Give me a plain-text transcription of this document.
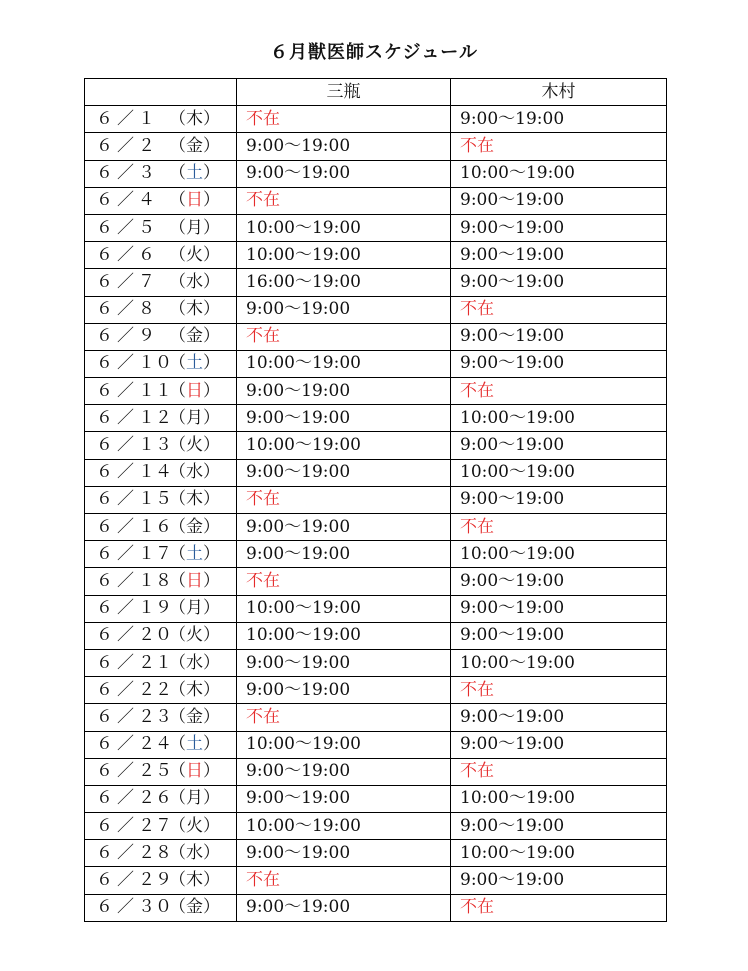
６月獣医師スケジュール
	三瓶	木村
６ ／ １ （木）	不在	9:00〜19:00
６ ／ ２ （金）	9:00〜19:00	不在
６ ／ ３ （土）	9:00〜19:00	10:00〜19:00
６ ／ ４ （日）	不在	9:00〜19:00
６ ／ ５ （月）	10:00〜19:00	9:00〜19:00
６ ／ ６ （火）	10:00〜19:00	9:00〜19:00
６ ／ ７ （水）	16:00〜19:00	9:00〜19:00
６ ／ ８ （木）	9:00〜19:00	不在
６ ／ ９ （金）	不在	9:00〜19:00
６ ／ １０（土）	10:00〜19:00	9:00〜19:00
６ ／ １１（日）	9:00〜19:00	不在
６ ／ １２（月）	9:00〜19:00	10:00〜19:00
６ ／ １３（火）	10:00〜19:00	9:00〜19:00
６ ／ １４（水）	9:00〜19:00	10:00〜19:00
６ ／ １５（木）	不在	9:00〜19:00
６ ／ １６（金）	9:00〜19:00	不在
６ ／ １７（土）	9:00〜19:00	10:00〜19:00
６ ／ １８（日）	不在	9:00〜19:00
６ ／ １９（月）	10:00〜19:00	9:00〜19:00
６ ／ ２０（火）	10:00〜19:00	9:00〜19:00
６ ／ ２１（水）	9:00〜19:00	10:00〜19:00
６ ／ ２２（木）	9:00〜19:00	不在
６ ／ ２３（金）	不在	9:00〜19:00
６ ／ ２４（土）	10:00〜19:00	9:00〜19:00
６ ／ ２５（日）	9:00〜19:00	不在
６ ／ ２６（月）	9:00〜19:00	10:00〜19:00
６ ／ ２７（火）	10:00〜19:00	9:00〜19:00
６ ／ ２８（水）	9:00〜19:00	10:00〜19:00
６ ／ ２９（木）	不在	9:00〜19:00
６ ／ ３０（金）	9:00〜19:00	不在
